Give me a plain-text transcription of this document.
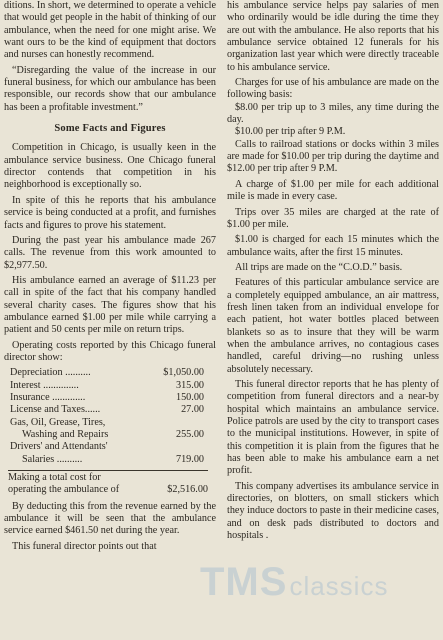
ditions. In short, we determined to operate a vehicle that would get people in the habit of thinking of our ambulance, when the need for one might arise. We want ours to be the kind of equipment that doctors and nurses can honestly recommend.

“Disregarding the value of the increase in our funeral business, for which our ambulance has been responsible, our records show that our ambulance has been a profitable investment.”

Some Facts and Figures

Competition in Chicago, is usually keen in the ambulance service business. One Chicago funeral director contends that competition in his neighborhood is exceptionally so.

In spite of this he reports that his ambulance service is being conducted at a profit, and furnishes facts and figures to prove his statement.

During the past year his ambulance made 267 calls. The revenue from this work amounted to $2,977.50.

His ambulance earned an average of $11.23 per call in spite of the fact that his company handled several charity cases. The figures show that his ambulance earned $1.00 per mile while carrying a patient and 50 cents per mile on return trips.

Operating costs reported by this Chicago funeral director show:

Depreciation ..........	$1,050.00
Interest ..............	315.00
Insurance .............	150.00
License and Taxes......	27.00
Gas, Oil, Grease, Tires,	
Washing and Repairs	255.00
Drivers' and Attendants'	
Salaries ..........	719.00
Making a total cost for operating the ambulance of	$2,516.00

By deducting this from the revenue earned by the ambulance it will be seen that the ambulance service earned $461.50 net during the year.

This funeral director points out that

his ambulance service helps pay salaries of men who ordinarily would be idle during the time they are out with the ambulance. He also reports that his ambulance service obtained 12 funerals for his organization last year which were directly traceable to his ambulance service.

Charges for use of his ambulance are made on the following basis:

$8.00 per trip up to 3 miles, any time during the day.

$10.00 per trip after 9 P.M.

Calls to railroad stations or docks within 3 miles are made for $10.00 per trip during the daytime and $12.00 per trip after 9 P.M.

A charge of $1.00 per mile for each additional mile is made in every case.

Trips over 35 miles are charged at the rate of $1.00 per mile.

$1.00 is charged for each 15 minutes which the ambulance waits, after the first 15 minutes.

All trips are made on the “C.O.D.” basis.

Features of this particular ambulance service are a completely equipped ambulance, an air mattress, fresh linen taken from an individual envelope for each patient, hot water bottles placed between blankets so as to insure that they will be warm when the ambulance arrives, no contagious cases handled, careful driving—no rushing unless absolutely necessary.

This funeral director reports that he has plenty of competition from funeral directors and a near-by hospital which maintains an ambulance service. Police patrols are used by the city to transport cases to the municipal institutions. However, in spite of this competition it is plain from the figures that he has been able to make his ambulance earn a net profit.

This company advertises its ambulance service in directories, on blotters, on small stickers which they induce doctors to paste in their medicine cases, and on desk pads distributed to doctors and hospitals .

TMSclassics
